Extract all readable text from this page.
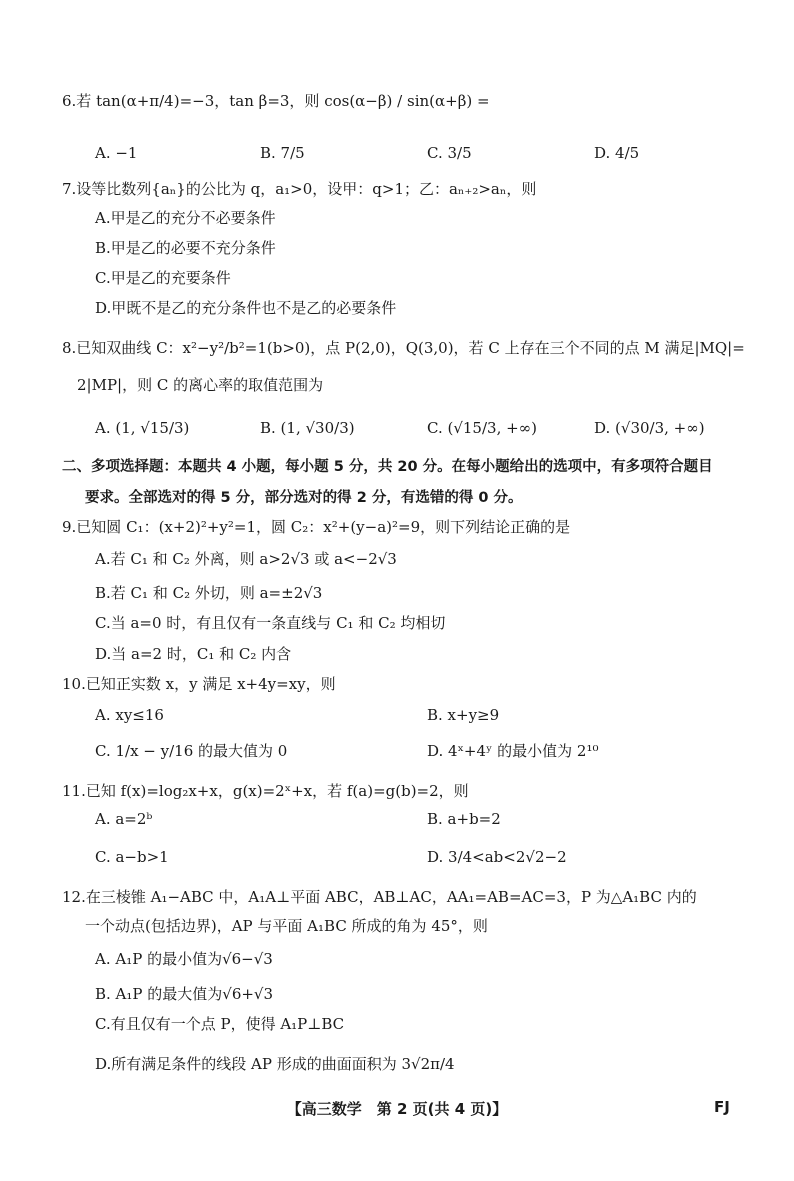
6.若 tan(α+π/4)=−3，tan β=3，则 cos(α−β) / sin(α+β) =
A. −1	B. 7/5	C. 3/5	D. 4/5
7.设等比数列{aₙ}的公比为 q，a₁>0，设甲：q>1；乙：aₙ₊₂>aₙ，则
A.甲是乙的充分不必要条件
B.甲是乙的必要不充分条件
C.甲是乙的充要条件
D.甲既不是乙的充分条件也不是乙的必要条件
8.已知双曲线 C：x²−y²/b²=1(b>0)，点 P(2,0)，Q(3,0)，若 C 上存在三个不同的点 M 满足|MQ|=
2|MP|，则 C 的离心率的取值范围为
A. (1, √15/3)	B. (1, √30/3)	C. (√15/3, +∞)	D. (√30/3, +∞)
二、多项选择题：本题共 4 小题，每小题 5 分，共 20 分。在每小题给出的选项中，有多项符合题目
要求。全部选对的得 5 分，部分选对的得 2 分，有选错的得 0 分。
9.已知圆 C₁：(x+2)²+y²=1，圆 C₂：x²+(y−a)²=9，则下列结论正确的是
A.若 C₁ 和 C₂ 外离，则 a>2√3 或 a<−2√3
B.若 C₁ 和 C₂ 外切，则 a=±2√3
C.当 a=0 时，有且仅有一条直线与 C₁ 和 C₂ 均相切
D.当 a=2 时，C₁ 和 C₂ 内含
10.已知正实数 x，y 满足 x+4y=xy，则
A. xy≤16	B. x+y≥9
C. 1/x − y/16 的最大值为 0	D. 4ˣ+4ʸ 的最小值为 2¹⁰
11.已知 f(x)=log₂x+x，g(x)=2ˣ+x，若 f(a)=g(b)=2，则
A. a=2ᵇ	B. a+b=2
C. a−b>1	D. 3/4<ab<2√2−2
12.在三棱锥 A₁−ABC 中，A₁A⊥平面 ABC，AB⊥AC，AA₁=AB=AC=3，P 为△A₁BC 内的
一个动点(包括边界)，AP 与平面 A₁BC 所成的角为 45°，则
A. A₁P 的最小值为√6−√3
B. A₁P 的最大值为√6+√3
C.有且仅有一个点 P，使得 A₁P⊥BC
D.所有满足条件的线段 AP 形成的曲面面积为 3√2π/4
【高三数学　第 2 页(共 4 页)】	FJ
